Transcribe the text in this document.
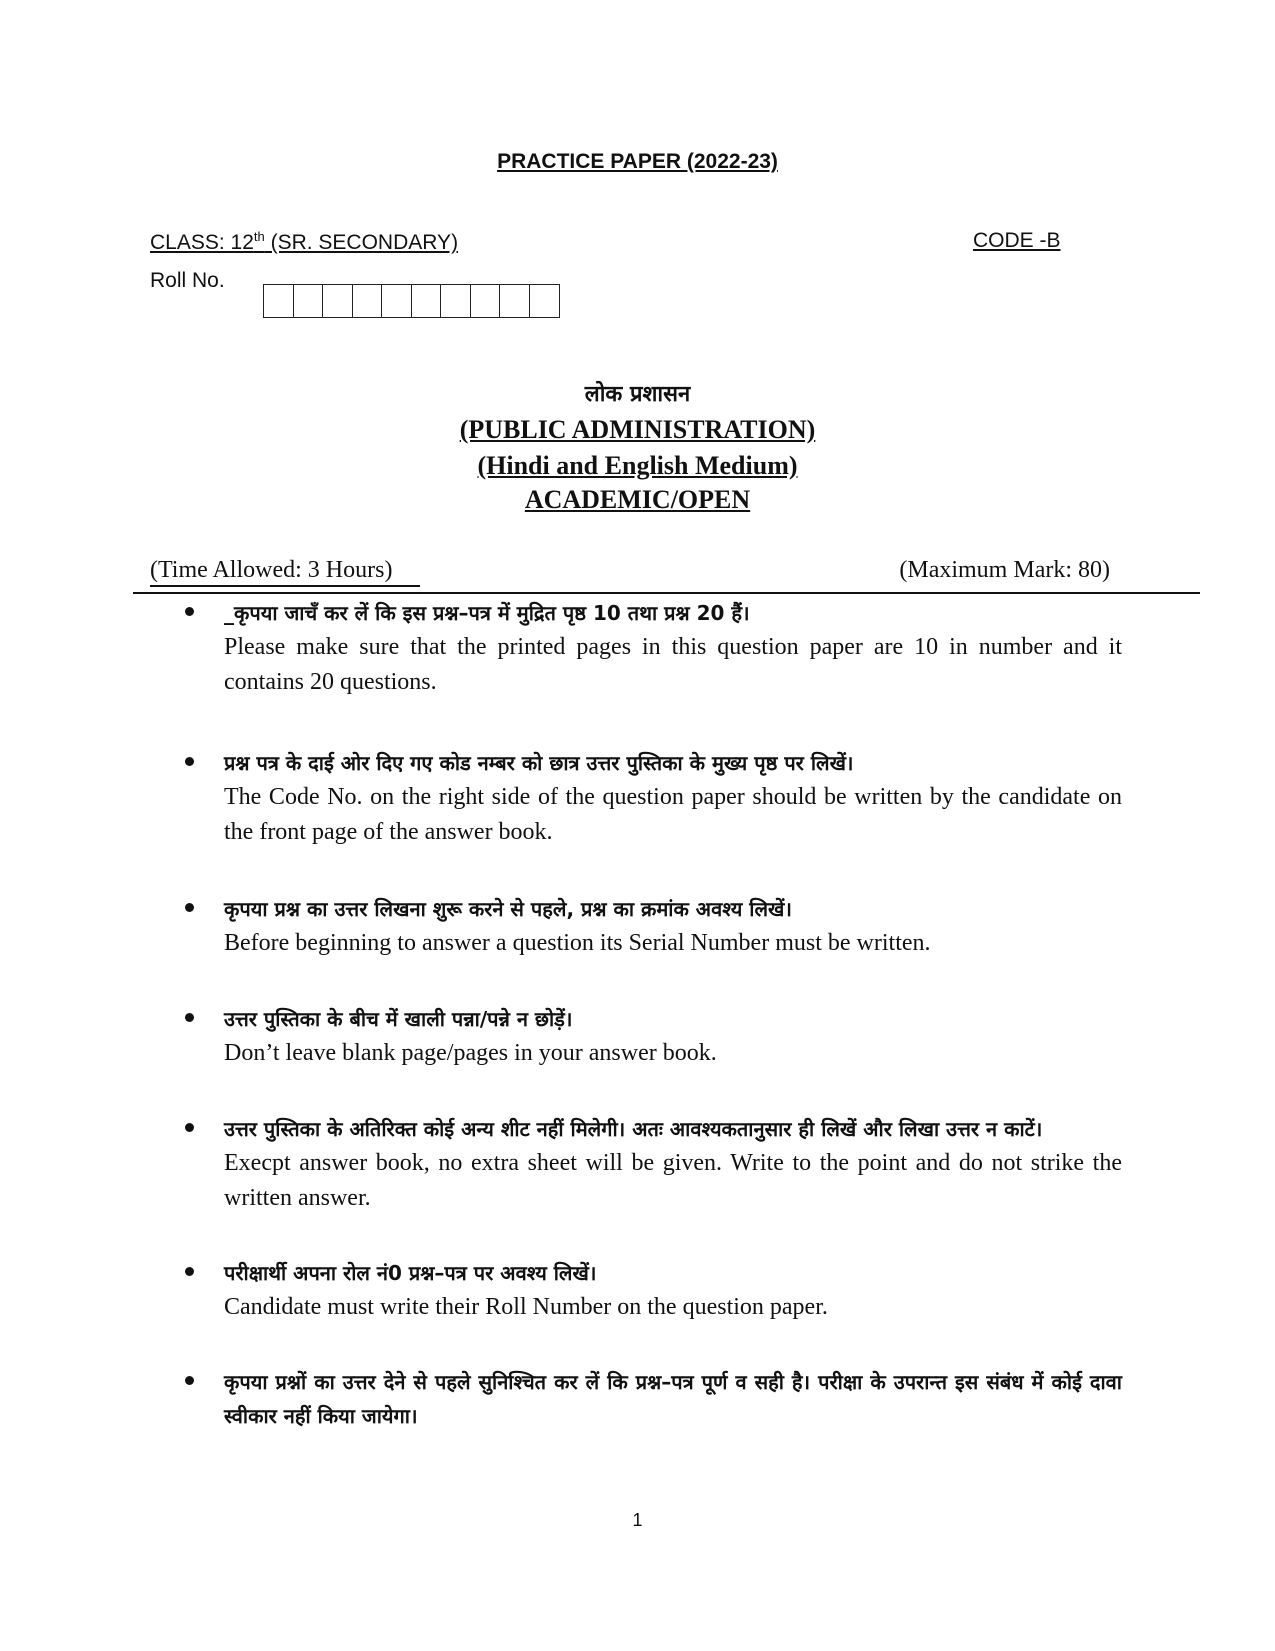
PRACTICE PAPER (2022-23)
CLASS: 12th (SR. SECONDARY)	CODE -B
Roll No.
लोक प्रशासन
(PUBLIC ADMINISTRATION)
(Hindi and English Medium)
ACADEMIC/OPEN
(Time Allowed: 3 Hours)	(Maximum Mark: 80)
_कृपया जाचँ कर लें कि इस प्रश्न–पत्र में मुद्रित पृष्ठ 10 तथा प्रश्न 20 हैं।
Please make sure that the printed pages in this question paper are 10 in number and it contains 20 questions.
प्रश्न पत्र के दाई ओर दिए गए कोड नम्बर को छात्र उत्तर पुस्तिका के मुख्य पृष्ठ पर लिखें।
The Code No. on the right side of the question paper should be written by the candidate on the front page of the answer book.
कृपया प्रश्न का उत्तर लिखना शुरू करने से पहले, प्रश्न का क्रमांक अवश्य लिखें।
Before beginning to answer a question its Serial Number must be written.
उत्तर पुस्तिका के बीच में खाली पन्ना/पन्ने न छोड़ें।
Don’t leave blank page/pages in your answer book.
उत्तर पुस्तिका के अतिरिक्त कोई अन्य शीट नहीं मिलेगी। अतः आवश्यकतानुसार ही लिखें और लिखा उत्तर न काटें।
Execpt answer book, no extra sheet will be given. Write to the point and do not strike the written answer.
परीक्षार्थी अपना रोल नं0 प्रश्न–पत्र पर अवश्य लिखें।
Candidate must write their Roll Number on the question paper.
कृपया प्रश्नों का उत्तर देने से पहले सुनिश्चित कर लें कि प्रश्न–पत्र पूर्ण व सही है। परीक्षा के उपरान्त इस संबंध में कोई दावा स्वीकार नहीं किया जायेगा।
1
